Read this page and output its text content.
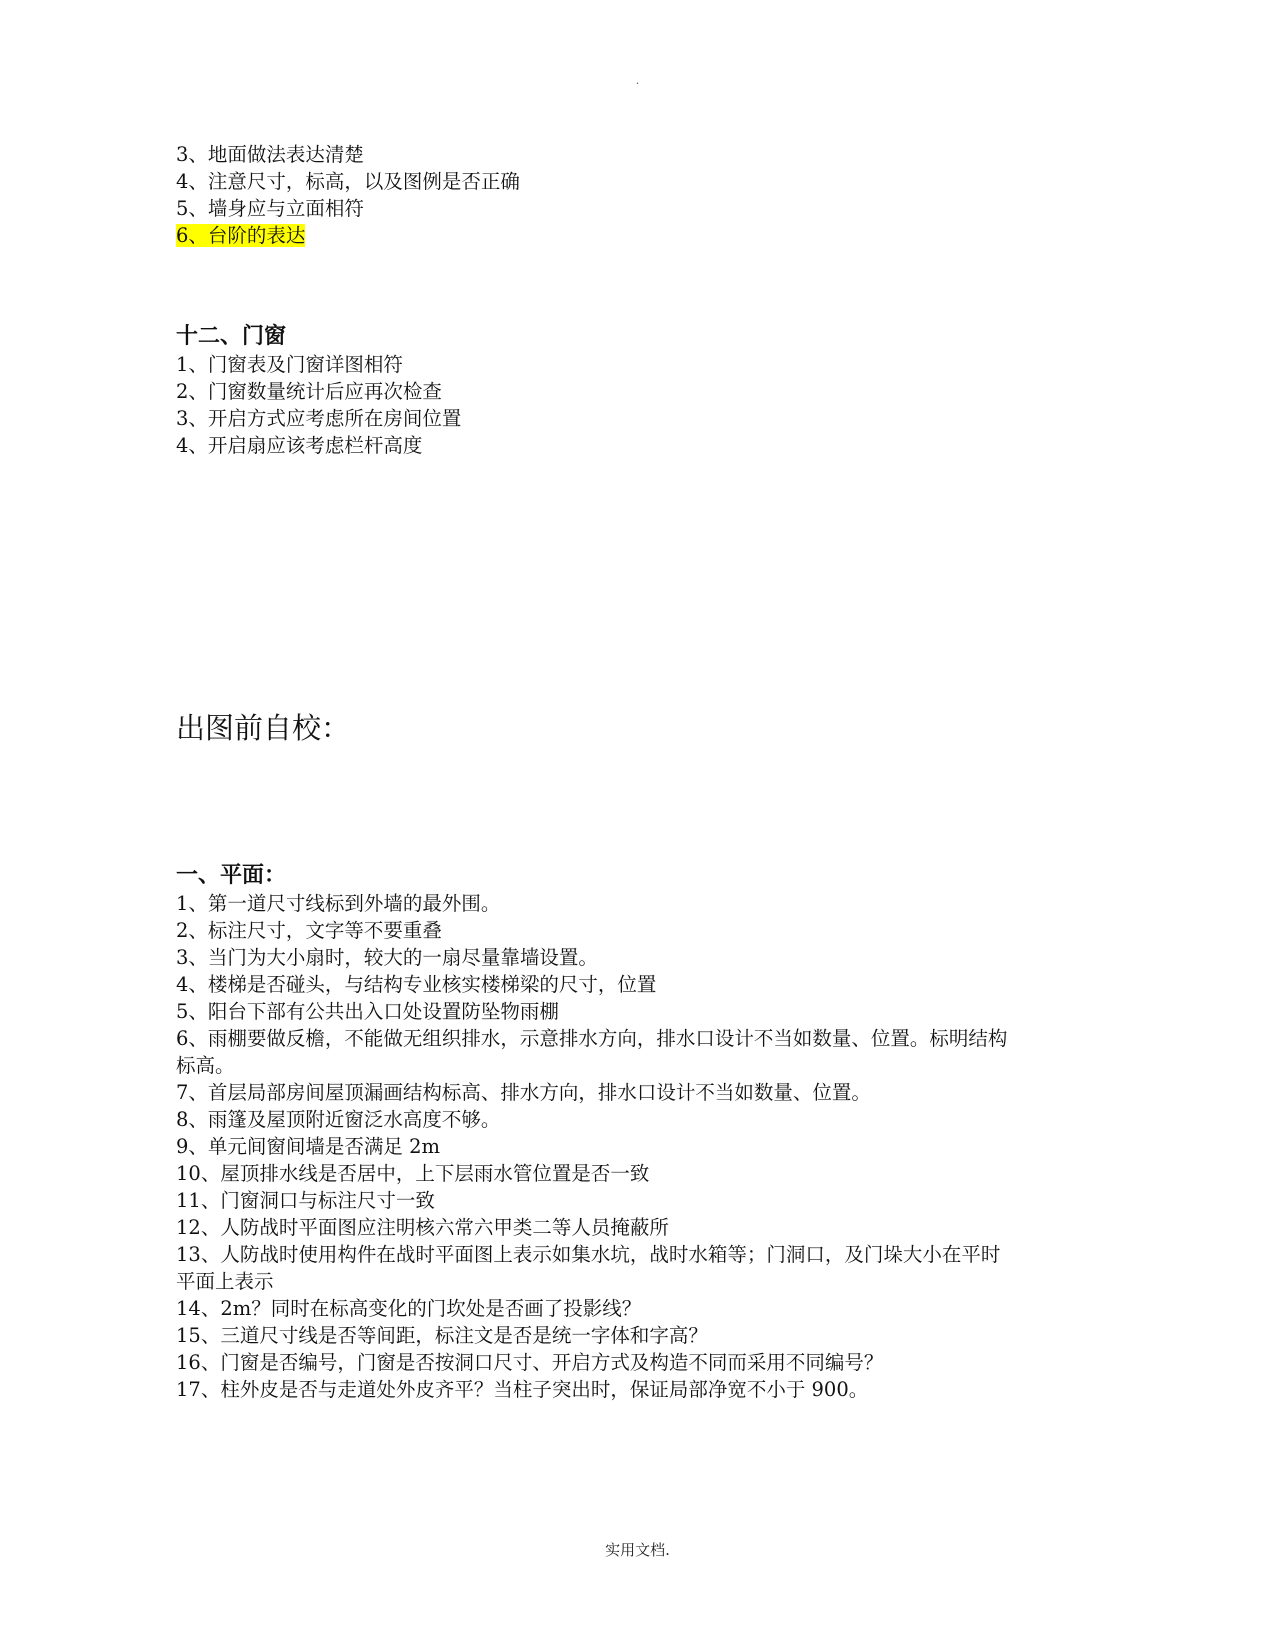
.
3、地面做法表达清楚
4、注意尺寸，标高，以及图例是否正确
5、墙身应与立面相符
6、台阶的表达
十二、门窗
1、门窗表及门窗详图相符
2、门窗数量统计后应再次检查
3、开启方式应考虑所在房间位置
4、开启扇应该考虑栏杆高度
出图前自校：
一、平面：
1、第一道尺寸线标到外墙的最外围。
2、标注尺寸，文字等不要重叠
3、当门为大小扇时，较大的一扇尽量靠墙设置。
4、楼梯是否碰头，与结构专业核实楼梯梁的尺寸，位置
5、阳台下部有公共出入口处设置防坠物雨棚
6、雨棚要做反檐，不能做无组织排水，示意排水方向，排水口设计不当如数量、位置。标明结构
标高。
7、首层局部房间屋顶漏画结构标高、排水方向，排水口设计不当如数量、位置。
8、雨篷及屋顶附近窗泛水高度不够。
9、单元间窗间墙是否满足 2m
10、屋顶排水线是否居中，上下层雨水管位置是否一致
11、门窗洞口与标注尺寸一致
12、人防战时平面图应注明核六常六甲类二等人员掩蔽所
13、人防战时使用构件在战时平面图上表示如集水坑，战时水箱等；门洞口，及门垛大小在平时
平面上表示
14、2m？同时在标高变化的门坎处是否画了投影线？
15、三道尺寸线是否等间距，标注文是否是统一字体和字高？
16、门窗是否编号，门窗是否按洞口尺寸、开启方式及构造不同而采用不同编号？
17、柱外皮是否与走道处外皮齐平？当柱子突出时，保证局部净宽不小于 900。
实用文档.
